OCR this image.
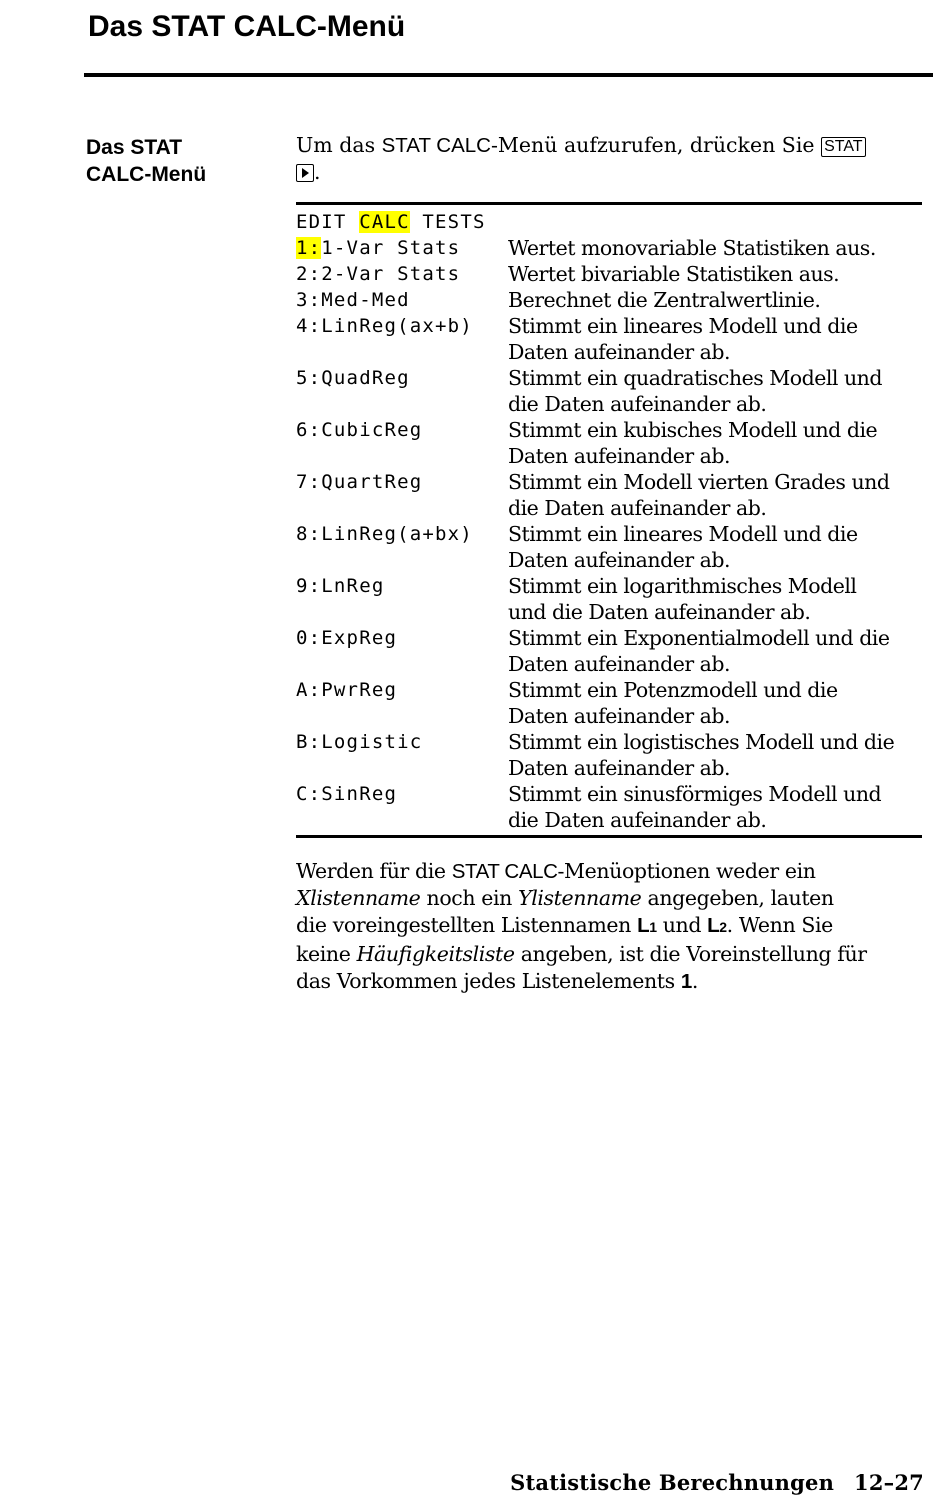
Das STAT CALC-Menü
Das STAT
CALC-Menü
Um das STAT CALC-Menü aufzurufen, drücken Sie STAT
.
EDIT CALC TESTS
1:1-Var Stats	Wertet monovariable Statistiken aus.
2:2-Var Stats	Wertet bivariable Statistiken aus.
3:Med-Med	Berechnet die Zentralwertlinie.
4:LinReg(ax+b)	Stimmt ein lineares Modell und die
Daten aufeinander ab.
5:QuadReg	Stimmt ein quadratisches Modell und
die Daten aufeinander ab.
6:CubicReg	Stimmt ein kubisches Modell und die
Daten aufeinander ab.
7:QuartReg	Stimmt ein Modell vierten Grades und
die Daten aufeinander ab.
8:LinReg(a+bx)	Stimmt ein lineares Modell und die
Daten aufeinander ab.
9:LnReg	Stimmt ein logarithmisches Modell
und die Daten aufeinander ab.
0:ExpReg	Stimmt ein Exponentialmodell und die
Daten aufeinander ab.
A:PwrReg	Stimmt ein Potenzmodell und die
Daten aufeinander ab.
B:Logistic	Stimmt ein logistisches Modell und die
Daten aufeinander ab.
C:SinReg	Stimmt ein sinusförmiges Modell und
die Daten aufeinander ab.
Werden für die STAT CALC-Menüoptionen weder ein
Xlistenname noch ein Ylistenname angegeben, lauten
die voreingestellten Listennamen L1 und L2. Wenn Sie
keine Häufigkeitsliste angeben, ist die Voreinstellung für
das Vorkommen jedes Listenelements 1.
Statistische Berechnungen 12–27
